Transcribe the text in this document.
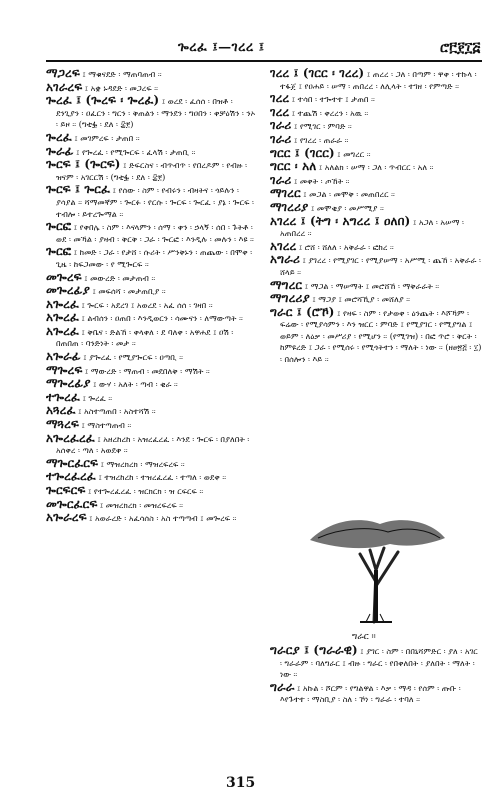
ጐረፈ ፤—ገረረ ፤	ሮ፫፻፲፭
ማጋረፍ ፤ ማቁናደድ ፡ ማጠባጠብ ።
አገራረፍ ፤ አቋ ኑዳደድ ፡ መጋረፍ ።
ጐረፈ ፤ (ጐረፍ ፡ ጐረፈ) ፤ ወረደ ፡ ፈሰሰ ፡ በዝቶ ፡ ደንጊያን ፡ ዐፈርን ፡ ግርን ፡ ቅጠልን ፡ ማንደን ፡ ግዐበን ፡ ቀቻዕሽን ፡ ንኦ ፡ ይዞ ። (ግቲፏ ፡ ደለ ፡ ፰፻)
ጐረፈ ፤ መገምረፍ ፡ ታጠበ ።
ጐራፊ ፤ የጐረፈ ፡ የሚጐርፍ ፡ ፈላሽ ፡ ታጠቢ ።
ጐርፍ ፤ (ጐርፍ) ፤ ድፍርስና ፡ ብጥብጥ ፡ የበረዶም ፡ የብዙ ፡ ዝናም ፡ አገርርሽ ፡ (ግቲፏ ፡ ደለ ፡ ፰፻)
ጐርፍ ፤ ጐርፈ ፤ የሰው ፡ ስም ፡ የብሩን ፡ ብዛትና ፡ ጎይሉን ፡ ያሳያል ። ሻማመኛም ፡ ጐርፉ ፡ የርሱ ፡ ጐርፍ ፡ ጐርፈ ፡ ያኔ ፡ ጐርፍ ፡ ተብሎ ፡ ይተረጐማል ።
ጐርፎ ፤ የቀበሌ ፡ ስም ፡ እናላምን ፡ ሰማ ፡ ቀን ፡ ኃላኝ ፡ ሰበ ፡ ጉትቶ ፡ ወደ ፡ መኻል ፡ ያዛብ ፡ ቅርቅ ፡ ጋራ ፡ ጐርፎ ፡ እንዲሉ ፡ መሉን ፡ እዩ ።
ጐርፎ ፤ ከመድ ፡ ጋራ ፡ የታሸ ፡ ሱሪት ፡ ሥንቅኑን ፡ ጠጨው ፡ በሞቀ ፡ ጊዜ ፡ ከፍጋመው ፡ የ ሚጐርፍ ።
መጐረፍ ፤ መውረድ ፡ መታጠብ ።
መጐረፊያ ፤ መፍሰሻ ፡ መታጠቢያ ።
አጐረፈ ፤ ጐርፍ ፡ አደረገ ፤ አወረደ ፡ አፈ ሰሰ ፡ ገዛበ ።
አጐረፈ ፤ ልብሰን ፡ ዐጠበ ፡ እንዲወርን ፡ ሳሙናን ፡ ለማውጣት ።
አጐረፈ ፤ ቅቤና ፡ ድልኸ ፡ ቀላቀለ ፡ ደ ባለቀ ፡ አዋሐደ ፤ ዐሽ ፡ በጠበጠ ፡ ባንድነት ፡ መታ ።
አጐራፊ ፤ ያጐረፈ ፡ የሚያጐርፍ ፡ ዐጣቢ ።
ማጐረፍ ፤ ማውረድ ፡ ማጠብ ፡ መደበለቅ ፡ ማሽት ።
ማጐረፊያ ፤ ውሃ ፡ አለት ፡ ጣብ ፡ ቂራ ።
ተጐረፈ ፤ ጐረፈ ።
አጓረፈ ፤ አስተጣጠበ ፡ አስተሻሽ ።
ማጓረፍ ፤ ማስተጣጠብ ።
አጐረፈረፈ ፤ አዘረከረከ ፡ አዝረፈረፈ ፡ እንደ ፡ ጐርፍ ፡ በያለበት ፡ አሰቀረ ፡ ጣለ ፡ አወደቀ ።
ማጐርፈርፍ ፤ ማዝረክረክ ፡ ማዝረፍረፍ ።
ተጐረፈረፈ ፤ ተዝረከረከ ፡ ተዝረፈረፈ ፡ ተጣለ ፡ ወደቀ ።
ጐርፍርፍ ፤ የተጐረፈረፈ ፡ ዝርክርክ ፡ ዝ ርፍርፍ ።
መጐርፈርፍ ፤ መዝረክረክ ፡ መዝረፍረፍ ።
አጐራረፍ ፤ አወራረድ ፡ አፈሳሰስ ፡ አስ ተጣጣብ ፤ መጐረፍ ።
ገረረ ፤ (ገርር ፡ ገረረ) ፤ ጠረረ ፡ ጋለ ፡ በጣም ፡ ዋቀ ፡ ተኩላ ፡ ተፋጀ ፤ የዐሐይ ፡ ሠማ ፡ ጠበረረ ፡ ለሊላት ፡ ተገዘ ፡ የምጣድ ።
ገረረ ፤ ተሳበ ፡ ተጐተተ ፤ ታጠበ ።
ገረረ ፤ ተጨሽ ፡ ቀረረን ፡ አዉ ።
ገራሪ ፤ የሚገር ፡ ምባድ ።
ገራሪ ፤ የገረረ ፡ ጠራራ ።
ግርር ፤ (ገርር) ፤ መግረር ።
ግርር ፡ አለ ፤ አለልክ ፡ ሠማ ፡ ጋለ ፡ ጥብርር ፡ አለ ።
ገራሪ ፤ መቀት ፡ ጦኸት ።
ማገረር ፤ መጋል ፡ መሞቅ ፡ መጠበረር ።
ማገረሪያ ፤ መሞቂያ ፡ መሥሚያ ።
አገረረ ፤ (ትግ ፡ አግረረ ፤ ዐለበ) ፤ አጋለ ፡ አሠማ ፡ አጠበረረ ።
አገረረ ፤ ሮሸ ፡ ሸለለ ፡ አቅራራ ፡ ፎከረ ።
አግራሪ ፤ ያገረረ ፡ የሚያገር ፡ የሚያሠማ ፡ አሥሚ ፡ ጨኸ ፡ አቅራራ ፡ ሸላይ ።
ማግረር ፤ ማጋል ፡ ማሠማት ፤ መሮሸኸ ፡ ማቅራራት ።
ማግረሪያ ፤ ማጋያ ፤ መሮሻኺያ ፡ መሸለያ ።
ግራር ፤ (ሮኾ) ፤ የዛፍ ፡ ስም ፡ የታወቀ ፡ ዕንጨት ፡ እሾኻም ፡ ፍሬው ፡ የሚያሳምን ፡ እን ዝርር ፡ ምባድ ፤ የሚያገር ፡ የሚያግል ፤ ወይም ፡ ለዕቃ ፡ መሥሪያ ፡ የሚሆን ። (የሚገዝ) ፡ በፎ ጥሮ ፡ ቅርት ፡ ከምዩረድ ፤ ጋራ ፡ የሚሰሩ ፡ የሚጎትተን ፡ ማለት ፡ ነው ። (ዘፀ፳፭ ፡ ፲) ፡ በሰሎን ፡ እይ ።
ግራር ።
ግራርያ ፤ (ግራራዊ) ፤ ያገር ፡ ስም ፡ በበኒሻምድር ፡ ያለ ፡ አገር ፡ ግራራም ፡ ባለግራር ፤ ብዙ ፡ ግራር ፡ የበቀለበት ፡ ያለበት ፡ ማለት ፡ ነው ።
ግራራ ፤ አኩል ፡ ሾርም ፡ የግልዋል ፡ እቃ ፡ ማዳ ፡ የሰም ፡ ጡቡ ፡ እየጉተተ ፡ ማስቢያ ፡ ስለ ፡ ኾነ ፡ ግራራ ፡ ተባለ ።
315
